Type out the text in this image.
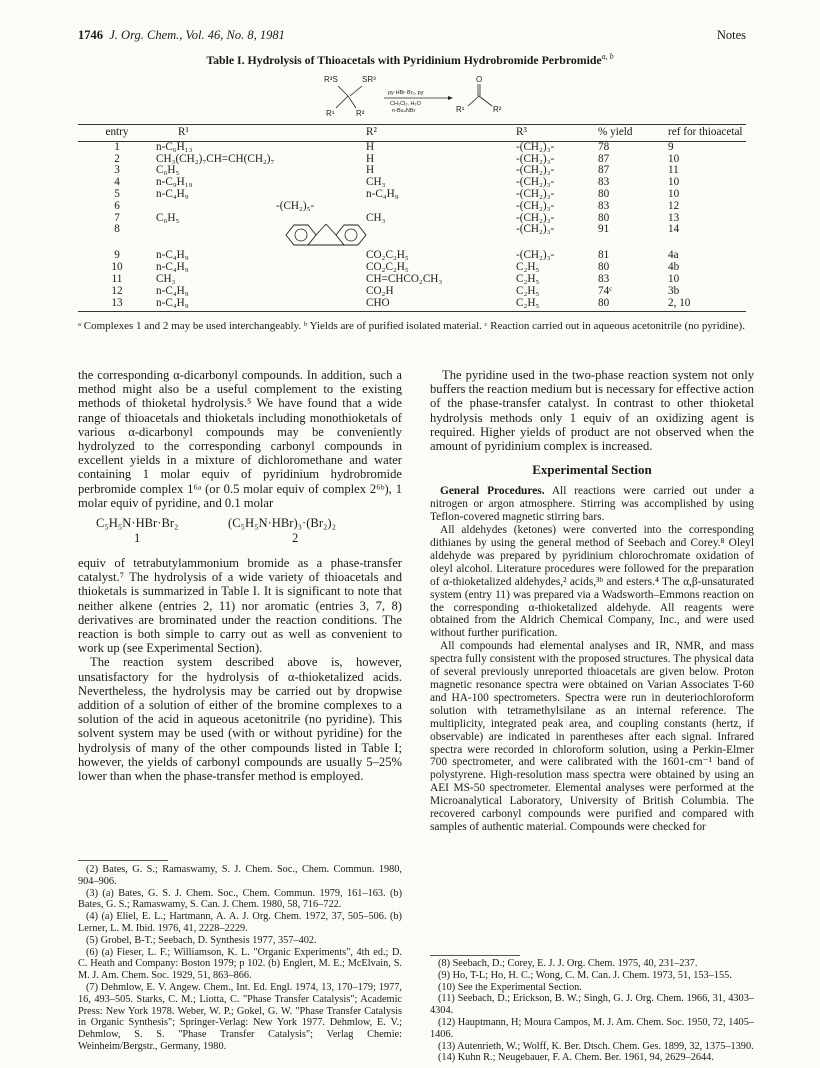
1746 J. Org. Chem., Vol. 46, No. 8, 1981	Notes
Table I. Hydrolysis of Thioacetals with Pyridinium Hydrobromide Perbromide$^{a, b}$
R³S	SR³
R¹	R²
py·HBr·Br₂, py
CH₂Cl₂, H₂O
n-Bu₄NBr
O
R¹	R²
entry	R¹	R²	R³	% yield	ref for thioacetal
1	n-C₆H₁₃	H	-(CH₂)₃-	78	9
2	CH₃(CH₂)₇CH=CH(CH₂)₇	H	-(CH₂)₃-	87	10
3	C₆H₅	H	-(CH₂)₃-	87	11
4	n-C₉H₁₉	CH₃	-(CH₂)₃-	83	10
5	n-C₄H₉	n-C₄H₉	-(CH₂)₃-	80	10
6	-(CH₂)₅-		-(CH₂)₃-	83	12
7	C₆H₅	CH₃	-(CH₂)₃-	80	13
8			-(CH₂)₃-	91	14
9	n-C₄H₉	CO₂C₂H₅	-(CH₂)₃-	81	4a
10	n-C₄H₉	CO₂C₂H₅	C₂H₅	80	4b
11	CH₃	CH=CHCO₂CH₃	C₂H₅	83	10
12	n-C₄H₉	CO₂H	C₂H₅	74ᶜ	3b
13	n-C₄H₉	CHO	C₂H₅	80	2, 10
ᵃ Complexes 1 and 2 may be used interchangeably. ᵇ Yields are of purified isolated material. ᶜ Reaction carried out in aqueous acetonitrile (no pyridine).

the corresponding α-dicarbonyl compounds. In addition, such a method might also be a useful complement to the existing methods of thioketal hydrolysis.⁵ We have found that a wide range of thioacetals and thioketals including monothioketals of various α-dicarbonyl compounds may be conveniently hydrolyzed to the corresponding carbonyl compounds in excellent yields in a mixture of dichloromethane and water containing 1 molar equiv of pyridinium hydrobromide perbromide complex 1⁶ᵃ (or 0.5 molar equiv of complex 2⁶ᵇ), 1 molar equiv of pyridine, and 0.1 molar

C₅H₅N·HBr·Br₂	(C₅H₅N·HBr)₃·(Br₂)₂
1	2

equiv of tetrabutylammonium bromide as a phase-transfer catalyst.⁷ The hydrolysis of a wide variety of thioacetals and thioketals is summarized in Table I. It is significant to note that neither alkene (entries 2, 11) nor aromatic (entries 3, 7, 8) derivatives are brominated under the reaction conditions. The reaction is both simple to carry out as well as convenient to work up (see Experimental Section).

The reaction system described above is, however, unsatisfactory for the hydrolysis of α-thioketalized acids. Nevertheless, the hydrolysis may be carried out by dropwise addition of a solution of either of the bromine complexes to a solution of the acid in aqueous acetonitrile (no pyridine). This solvent system may be used (with or without pyridine) for the hydrolysis of many of the other compounds listed in Table I; however, the yields of carbonyl compounds are usually 5–25% lower than when the phase-transfer method is employed.

(2) Bates, G. S.; Ramaswamy, S. J. Chem. Soc., Chem. Commun. 1980, 904–906.
(3) (a) Bates, G. S. J. Chem. Soc., Chem. Commun. 1979, 161–163. (b) Bates, G. S.; Ramaswamy, S. Can. J. Chem. 1980, 58, 716–722.
(4) (a) Eliel, E. L.; Hartmann, A. A. J. Org. Chem. 1972, 37, 505–506. (b) Lerner, L. M. Ibid. 1976, 41, 2228–2229.
(5) Grobel, B-T.; Seebach, D. Synthesis 1977, 357–402.
(6) (a) Fieser, L. F.; Williamson, K. L. "Organic Experiments", 4th ed.; D. C. Heath and Company: Boston 1979; p 102. (b) Englert, M. E.; McElvain, S. M. J. Am. Chem. Soc. 1929, 51, 863–866.
(7) Dehmlow, E. V. Angew. Chem., Int. Ed. Engl. 1974, 13, 170–179; 1977, 16, 493–505. Starks, C. M.; Liotta, C. "Phase Transfer Catalysis"; Academic Press: New York 1978. Weber, W. P.; Gokel, G. W. "Phase Transfer Catalysis in Organic Synthesis"; Springer-Verlag: New York 1977. Dehmlow, E. V.; Dehmlow, S. S. "Phase Transfer Catalysis"; Verlag Chemie: Weinheim/Bergstr., Germany, 1980.

The pyridine used in the two-phase reaction system not only buffers the reaction medium but is necessary for effective action of the phase-transfer catalyst. In contrast to other thioketal hydrolysis methods only 1 equiv of an oxidizing agent is required. Higher yields of product are not observed when the amount of pyridinium complex is increased.

Experimental Section

General Procedures. All reactions were carried out under a nitrogen or argon atmosphere. Stirring was accomplished by using Teflon-covered magnetic stirring bars.

All aldehydes (ketones) were converted into the corresponding dithianes by using the general method of Seebach and Corey.⁸ Oleyl aldehyde was prepared by pyridinium chlorochromate oxidation of oleyl alcohol. Literature procedures were followed for the preparation of α-thioketalized aldehydes,² acids,³ᵇ and esters.⁴ The α,β-unsaturated system (entry 11) was prepared via a Wadsworth–Emmons reaction on the corresponding α-thioketalized aldehyde. All reagents were obtained from the Aldrich Chemical Company, Inc., and were used without further purification.

All compounds had elemental analyses and IR, NMR, and mass spectra fully consistent with the proposed structures. The physical data of several previously unreported thioacetals are given below. Proton magnetic resonance spectra were obtained on Varian Associates T-60 and HA-100 spectrometers. Spectra were run in deuteriochloroform solution with tetramethylsilane as an internal reference. The multiplicity, integrated peak area, and coupling constants (hertz, if observable) are indicated in parentheses after each signal. Infrared spectra were recorded in chloroform solution, using a Perkin-Elmer 700 spectrometer, and were calibrated with the 1601-cm⁻¹ band of polystyrene. High-resolution mass spectra were obtained by using an AEI MS-50 spectrometer. Elemental analyses were performed at the Microanalytical Laboratory, University of British Columbia. The recovered carbonyl compounds were purified and compared with samples of authentic material. Compounds were checked for

(8) Seebach, D.; Corey, E. J. J. Org. Chem. 1975, 40, 231–237.
(9) Ho, T-L; Ho, H. C.; Wong, C. M. Can. J. Chem. 1973, 51, 153–155.
(10) See the Experimental Section.
(11) Seebach, D.; Erickson, B. W.; Singh, G. J. Org. Chem. 1966, 31, 4303–4304.
(12) Hauptmann, H; Moura Campos, M. J. Am. Chem. Soc. 1950, 72, 1405–1406.
(13) Autenrieth, W.; Wolff, K. Ber. Dtsch. Chem. Ges. 1899, 32, 1375–1390.
(14) Kuhn R.; Neugebauer, F. A. Chem. Ber. 1961, 94, 2629–2644.
